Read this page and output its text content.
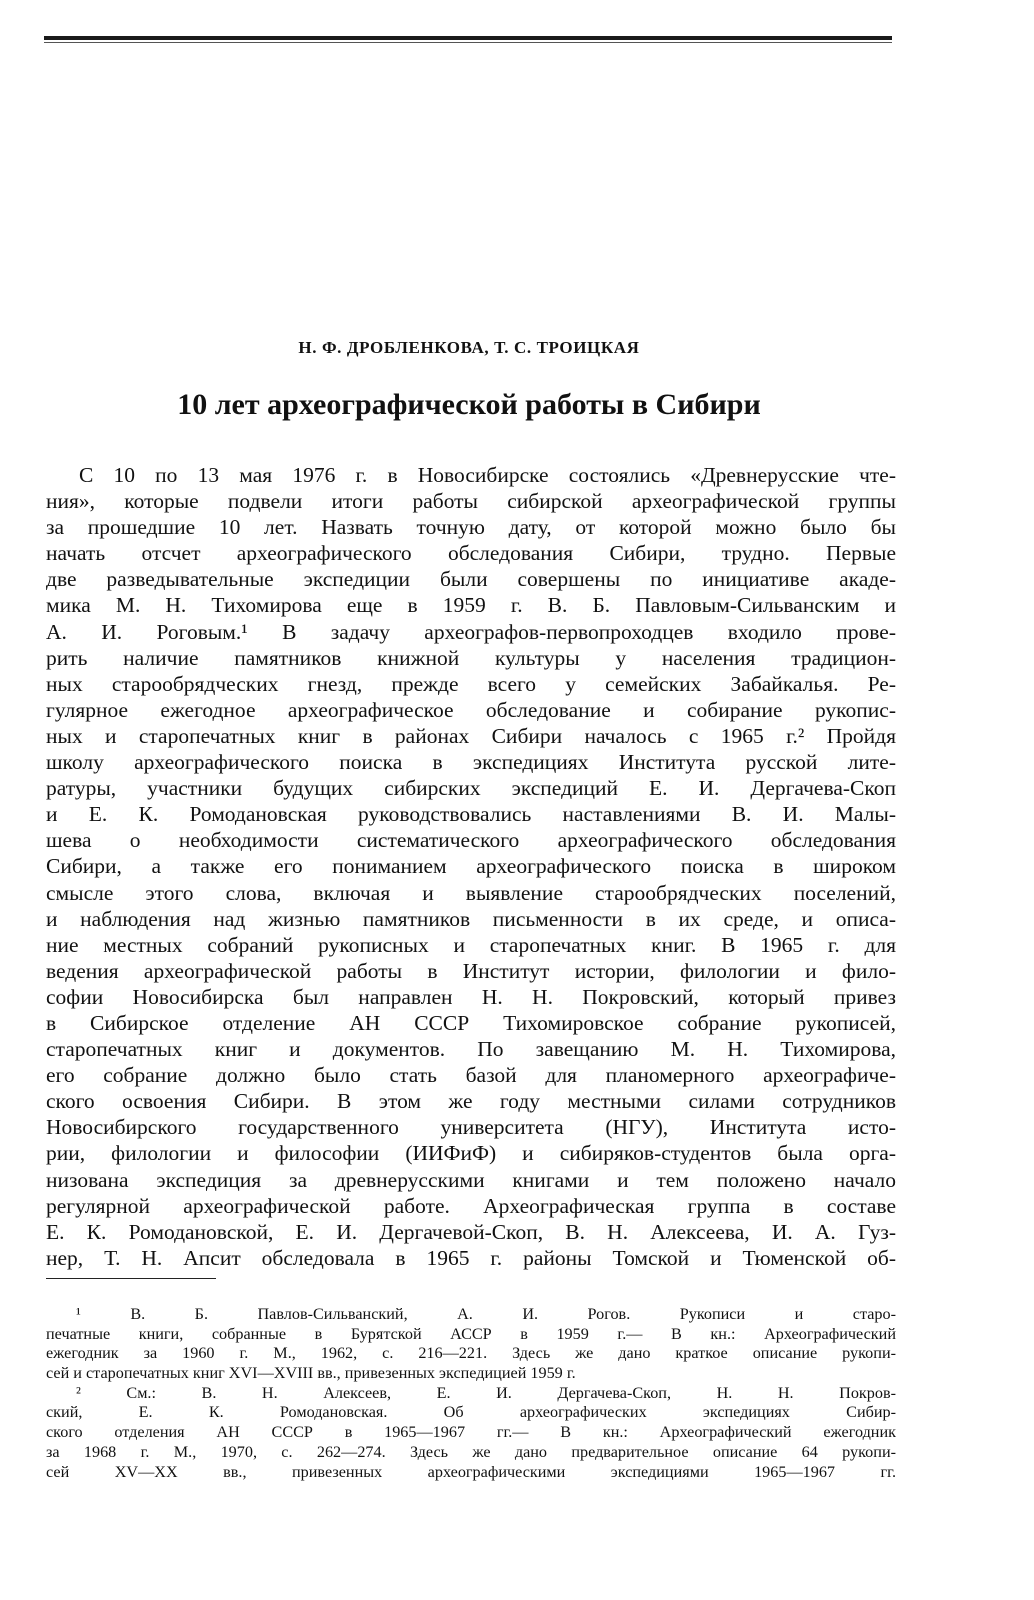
Н. Ф. ДРОБЛЕНКОВА, Т. С. ТРОИЦКАЯ
10 лет археографической работы в Сибири
С 10 по 13 мая 1976 г. в Новосибирске состоялись «Древнерусские чте-
ния», которые подвели итоги работы сибирской археографической группы
за прошедшие 10 лет. Назвать точную дату, от которой можно было бы
начать отсчет археографического обследования Сибири, трудно. Первые
две разведывательные экспедиции были совершены по инициативе акаде-
мика М. Н. Тихомирова еще в 1959 г. В. Б. Павловым-Сильванским и
А. И. Роговым.¹ В задачу археографов-первопроходцев входило прове-
рить наличие памятников книжной культуры у населения традицион-
ных старообрядческих гнезд, прежде всего у семейских Забайкалья. Ре-
гулярное ежегодное археографическое обследование и собирание рукопис-
ных и старопечатных книг в районах Сибири началось с 1965 г.² Пройдя
школу археографического поиска в экспедициях Института русской лите-
ратуры, участники будущих сибирских экспедиций Е. И. Дергачева-Скоп
и Е. К. Ромодановская руководствовались наставлениями В. И. Малы-
шева о необходимости систематического археографического обследования
Сибири, а также его пониманием археографического поиска в широком
смысле этого слова, включая и выявление старообрядческих поселений,
и наблюдения над жизнью памятников письменности в их среде, и описа-
ние местных собраний рукописных и старопечатных книг. В 1965 г. для
ведения археографической работы в Институт истории, филологии и фило-
софии Новосибирска был направлен Н. Н. Покровский, который привез
в Сибирское отделение АН СССР Тихомировское собрание рукописей,
старопечатных книг и документов. По завещанию М. Н. Тихомирова,
его собрание должно было стать базой для планомерного археографиче-
ского освоения Сибири. В этом же году местными силами сотрудников
Новосибирского государственного университета (НГУ), Института исто-
рии, филологии и философии (ИИФиФ) и сибиряков-студентов была орга-
низована экспедиция за древнерусскими книгами и тем положено начало
регулярной археографической работе. Археографическая группа в составе
Е. К. Ромодановской, Е. И. Дергачевой-Скоп, В. Н. Алексеева, И. А. Гуз-
нер, Т. Н. Апсит обследовала в 1965 г. районы Томской и Тюменской об-
¹ В. Б. Павлов-Сильванский, А. И. Рогов. Рукописи и старо-
печатные книги, собранные в Бурятской АССР в 1959 г.— В кн.: Археографический
ежегодник за 1960 г. М., 1962, с. 216—221. Здесь же дано краткое описание рукопи-
сей и старопечатных книг XVI—XVIII вв., привезенных экспедицией 1959 г.
² См.: В. Н. Алексеев, Е. И. Дергачева-Скоп, Н. Н. Покров-
ский, Е. К. Ромодановская. Об археографических экспедициях Сибир-
ского отделения АН СССР в 1965—1967 гг.— В кн.: Археографический ежегодник
за 1968 г. М., 1970, с. 262—274. Здесь же дано предварительное описание 64 рукопи-
сей XV—XX вв., привезенных археографическими экспедициями 1965—1967 гг.
